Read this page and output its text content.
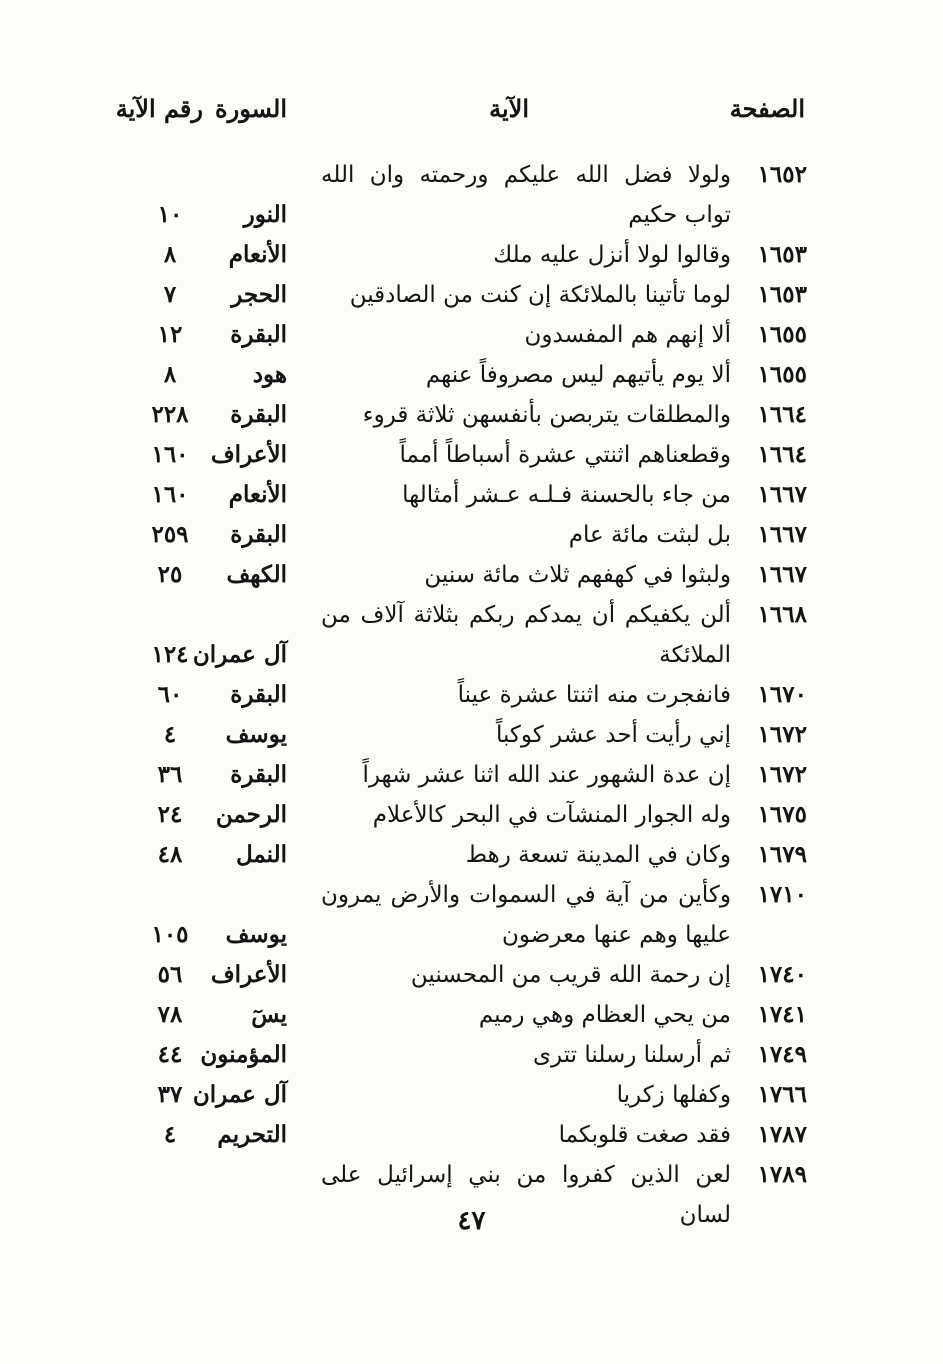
الصفحة
الآية
السورة
رقم الآية
١٦٥٢
ولولا فضل الله عليكم ورحمته وان الله تواب حكيم
النور
١٠
١٦٥٣
وقالوا لولا أنزل عليه ملك
الأنعام
٨
١٦٥٣
لوما تأتينا بالملائكة إن كنت من الصادقين
الحجر
٧
١٦٥٥
ألا إنهم هم المفسدون
البقرة
١٢
١٦٥٥
ألا يوم يأتيهم ليس مصروفاً عنهم
هود
٨
١٦٦٤
والمطلقات يتربصن بأنفسهن ثلاثة قروء
البقرة
٢٢٨
١٦٦٤
وقطعناهم اثنتي عشرة أسباطاً أمماً
الأعراف
١٦٠
١٦٦٧
من جاء بالحسنة فـلـه عـشر أمثالها
الأنعام
١٦٠
١٦٦٧
بل لبثت مائة عام
البقرة
٢٥٩
١٦٦٧
ولبثوا في كهفهم ثلاث مائة سنين
الكهف
٢٥
١٦٦٨
ألن يكفيكم أن يمدكم ربكم بثلاثة آلاف من الملائكة
آل عمران
١٢٤
١٦٧٠
فانفجرت منه اثنتا عشرة عيناً
البقرة
٦٠
١٦٧٢
إني رأيت أحد عشر كوكباً
يوسف
٤
١٦٧٢
إن عدة الشهور عند الله اثنا عشر شهراً
البقرة
٣٦
١٦٧٥
وله الجوار المنشآت في البحر كالأعلام
الرحمن
٢٤
١٦٧٩
وكان في المدينة تسعة رهط
النمل
٤٨
١٧١٠
وكأين من آية في السموات والأرض يمرون عليها وهم عنها معرضون
يوسف
١٠٥
١٧٤٠
إن رحمة الله قريب من المحسنين
الأعراف
٥٦
١٧٤١
من يحي العظام وهي رميم
يسٓ
٧٨
١٧٤٩
ثم أرسلنا رسلنا تترى
المؤمنون
٤٤
١٧٦٦
وكفلها زكريا
آل عمران
٣٧
١٧٨٧
فقد صغت قلوبكما
التحريم
٤
١٧٨٩
لعن الذين كفروا من بني إسرائيل على لسان
٤٧
